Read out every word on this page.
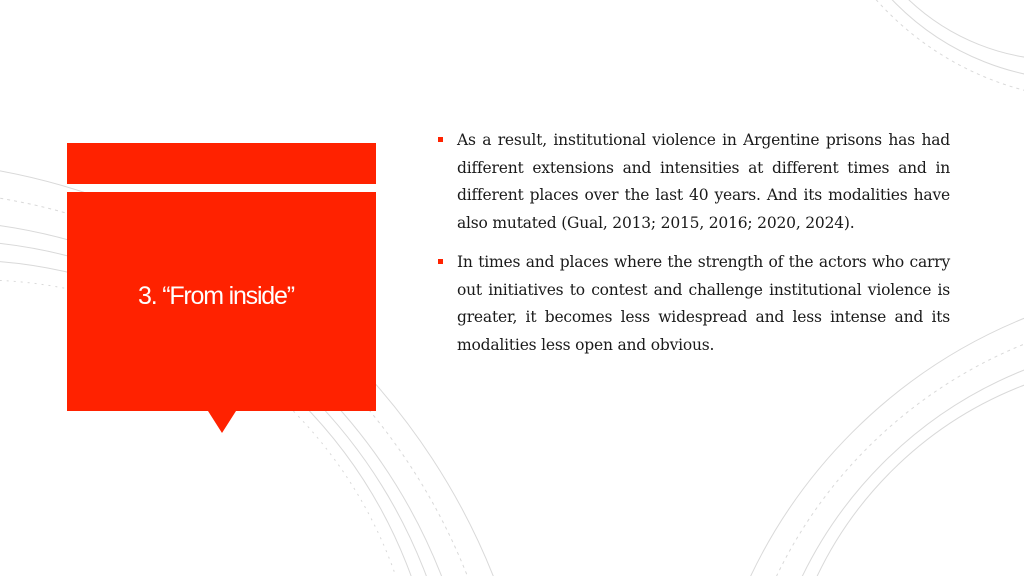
3. “From inside”
As a result, institutional violence in Argentine prisons has had different extensions and intensities at different times and in different places over the last 40 years. And its modalities have also mutated (Gual, 2013; 2015, 2016; 2020, 2024).
In times and places where the strength of the actors who carry out initiatives to contest and challenge institutional violence is greater, it becomes less widespread and less intense and its modalities less open and obvious.
